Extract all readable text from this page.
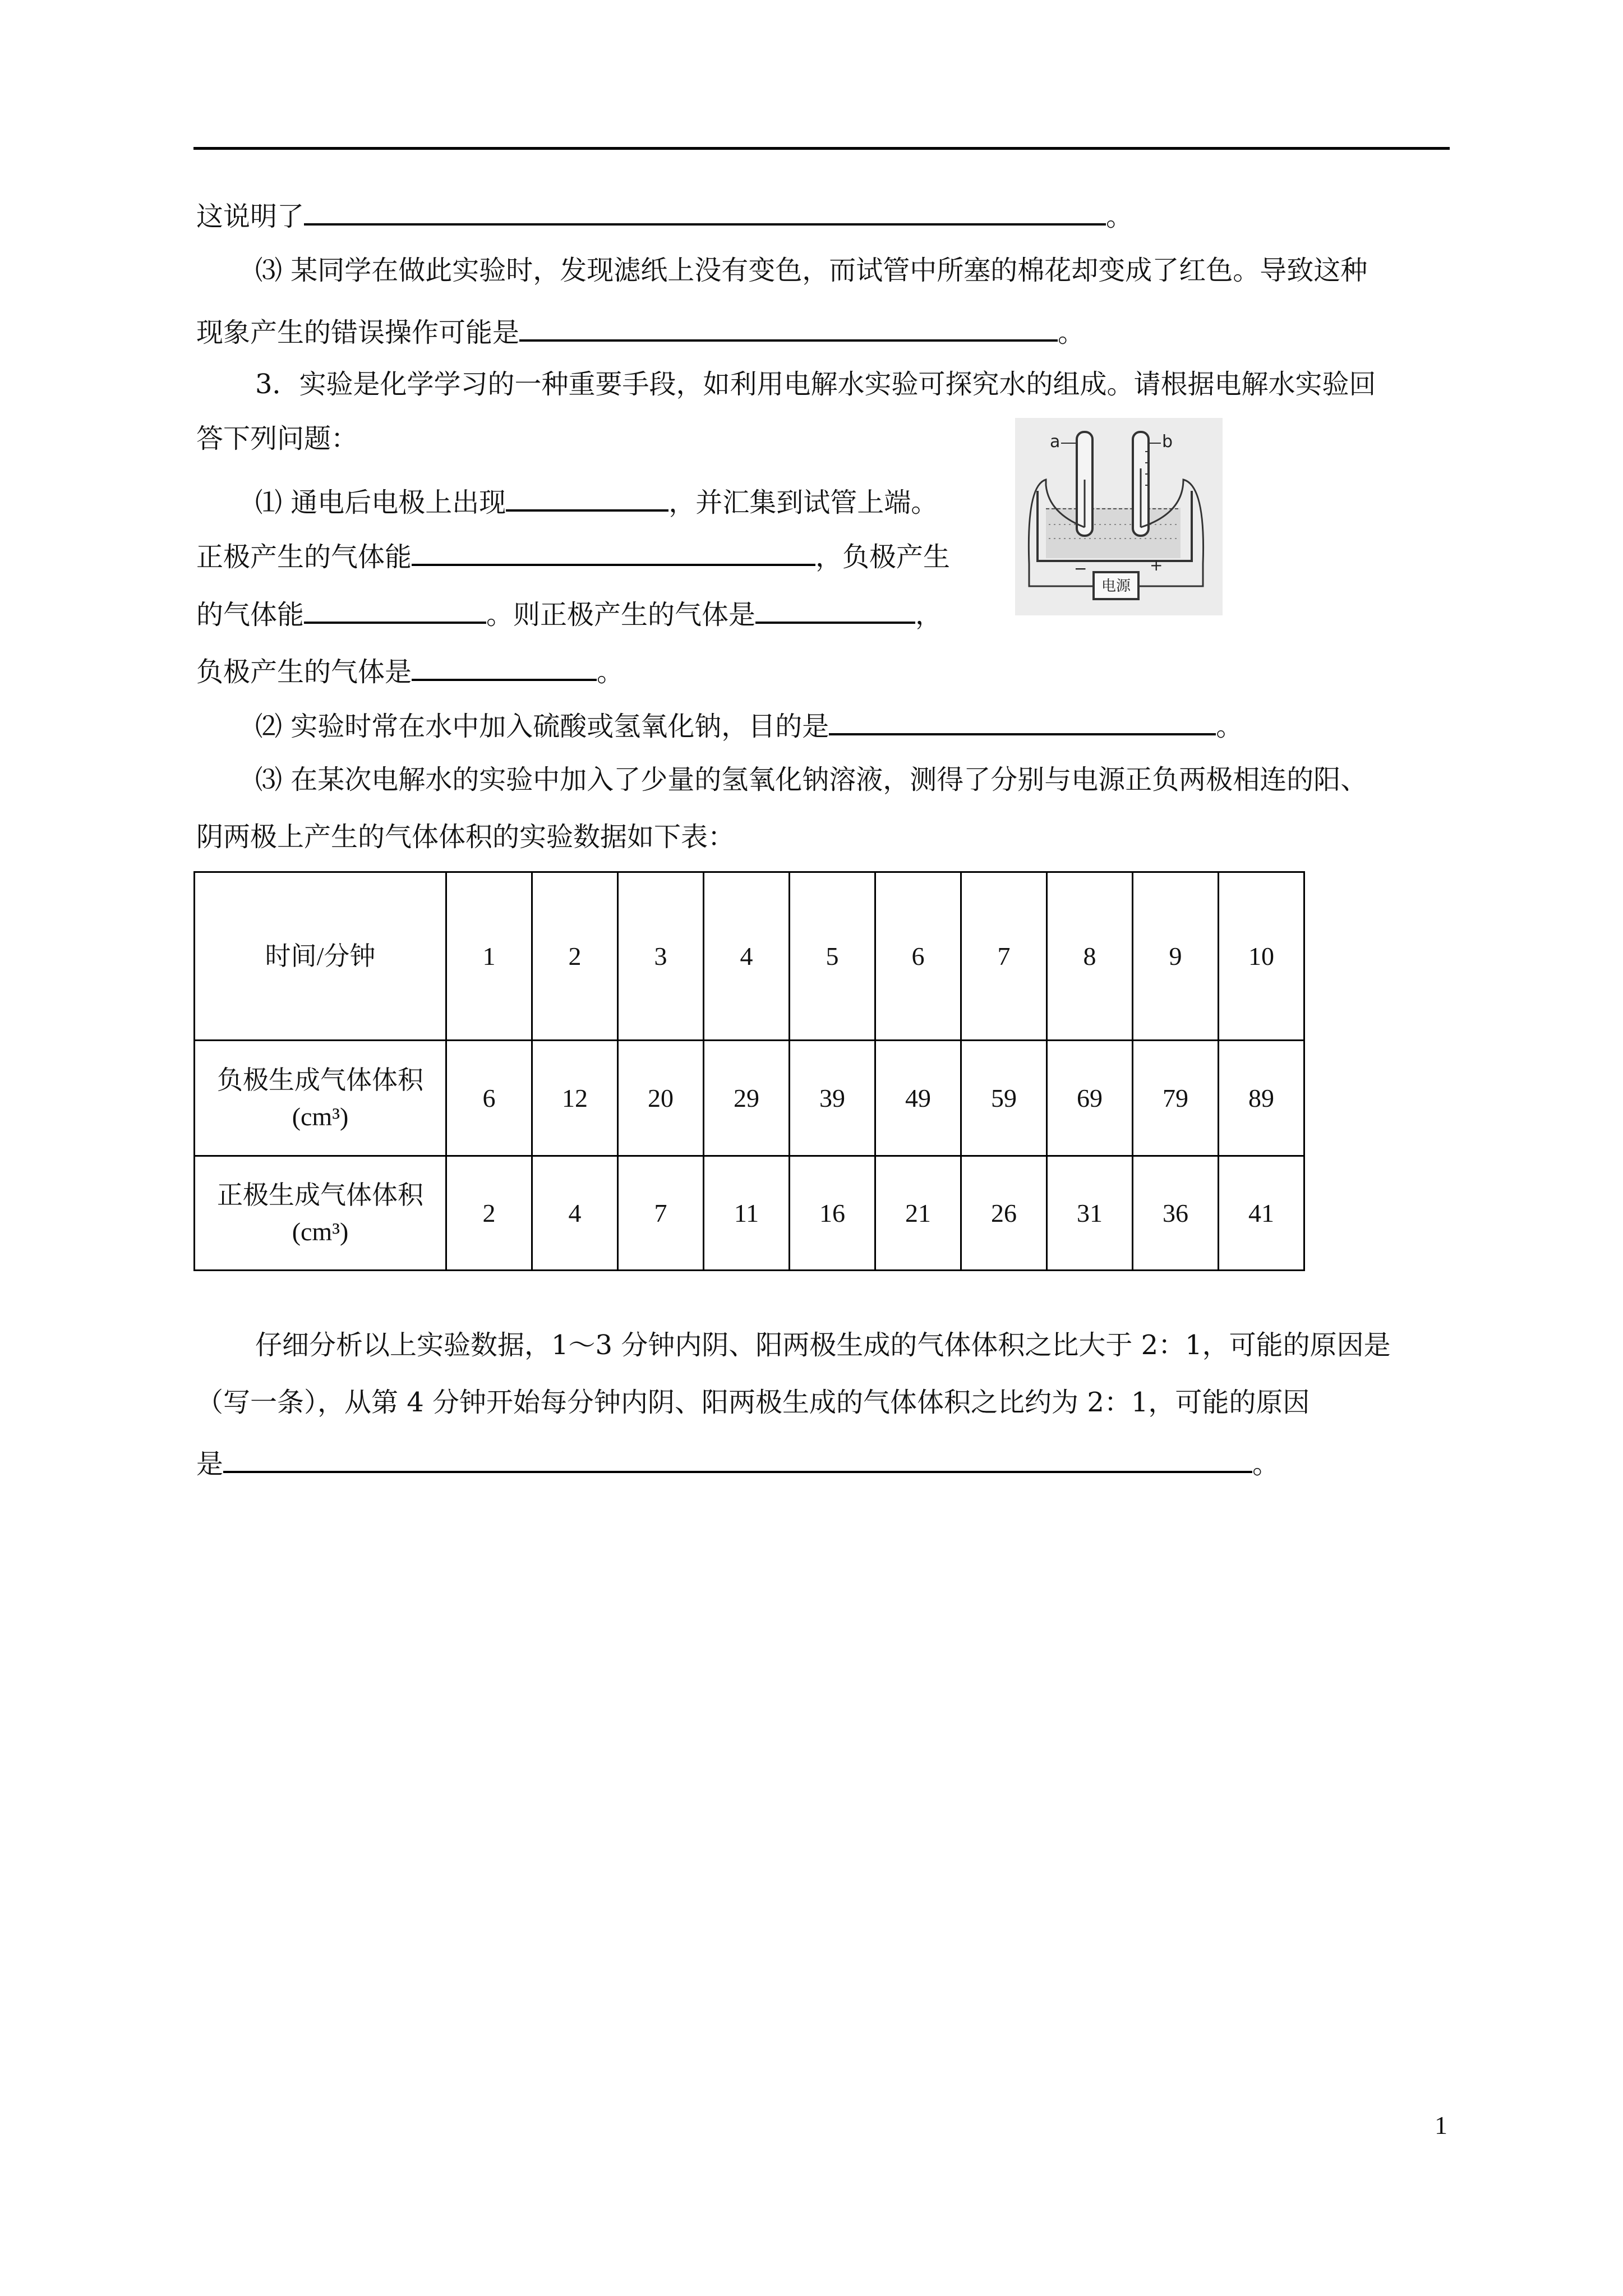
这说明了	。
⑶ 某同学在做此实验时，发现滤纸上没有变色，而试管中所塞的棉花却变成了红色。导致这种
现象产生的错误操作可能是	。
3．实验是化学学习的一种重要手段，如利用电解水实验可探究水的组成。请根据电解水实验回
答下列问题：
⑴ 通电后电极上出现	，并汇集到试管上端。
正极产生的气体能	，负极产生
的气体能	。则正极产生的气体是	，
负极产生的气体是	。
⑵ 实验时常在水中加入硫酸或氢氧化钠，目的是	。
⑶ 在某次电解水的实验中加入了少量的氢氧化钠溶液，测得了分别与电源正负两极相连的阳、
阴两极上产生的气体体积的实验数据如下表：
电源
−	+
a	b
时间/分钟	1	2	3	4	5	6	7	8	9	10

负极生成气体体积
(cm³)	6	12	20	29	39	49	59	69	79	89

正极生成气体体积
(cm³)	2	4	7	11	16	21	26	31	36	41
仔细分析以上实验数据，1～3 分钟内阴、阳两极生成的气体体积之比大于 2：1，可能的原因是
（写一条），从第 4 分钟开始每分钟内阴、阳两极生成的气体体积之比约为 2：1，可能的原因
是	。
1
